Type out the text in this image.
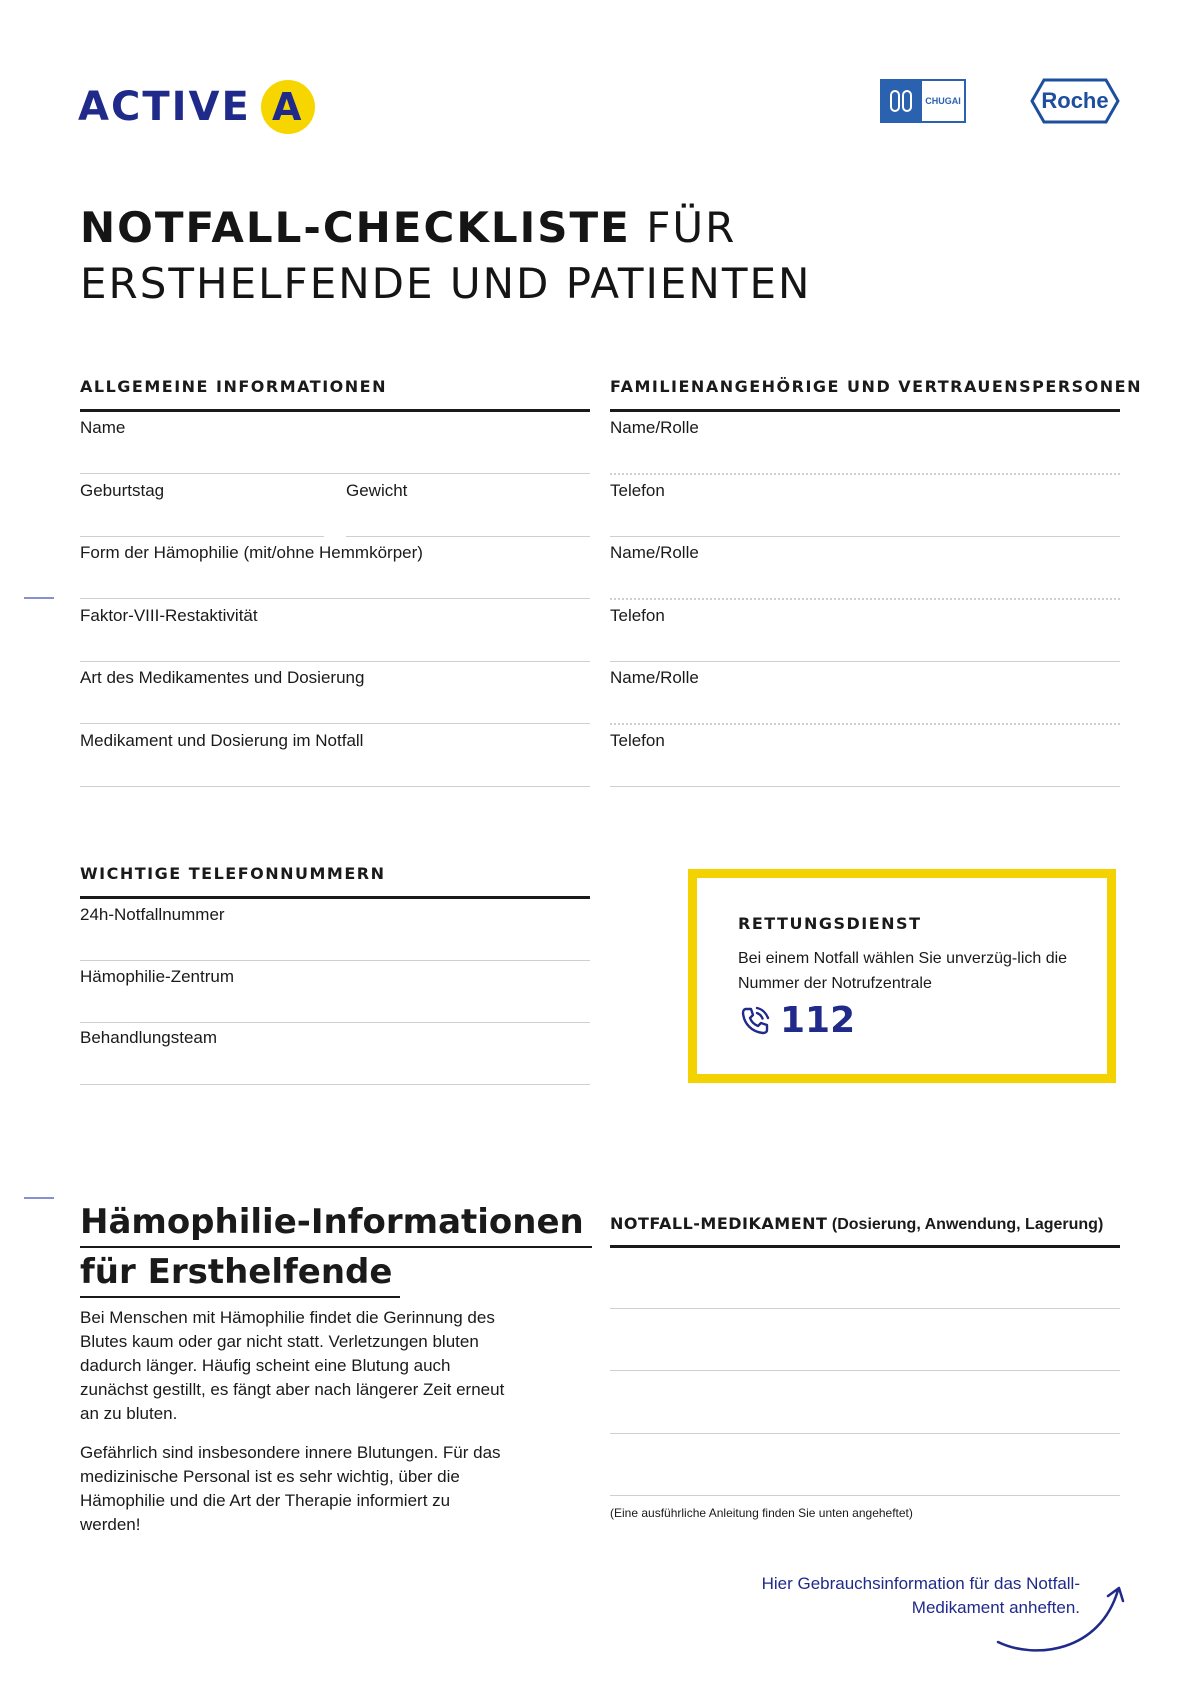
ACTIVE A	CHUGAI	Roche
NOTFALL-CHECKLISTE FÜR
ERSTHELFENDE UND PATIENTEN
ALLGEMEINE INFORMATIONEN
Name
Geburtstag	Gewicht
Form der Hämophilie (mit/ohne Hemmkörper)
Faktor-VIII-Restaktivität
Art des Medikamentes und Dosierung
Medikament und Dosierung im Notfall
FAMILIENANGEHÖRIGE UND VERTRAUENSPERSONEN
Name/Rolle
Telefon
Name/Rolle
Telefon
Name/Rolle
Telefon
WICHTIGE TELEFONNUMMERN
24h-Notfallnummer
Hämophilie-Zentrum
Behandlungsteam
RETTUNGSDIENST
Bei einem Notfall wählen Sie unverzüg-lich die Nummer der Notrufzentrale
112
Hämophilie-Informationen
für Ersthelfende

Bei Menschen mit Hämophilie findet die Gerinnung des Blutes kaum oder gar nicht statt. Verletzungen bluten dadurch länger. Häufig scheint eine Blutung auch zunächst gestillt, es fängt aber nach längerer Zeit erneut an zu bluten.

Gefährlich sind insbesondere innere Blutungen. Für das medizinische Personal ist es sehr wichtig, über die Hämophilie und die Art der Therapie informiert zu werden!

NOTFALL-MEDIKAMENT (Dosierung, Anwendung, Lagerung)
(Eine ausführliche Anleitung finden Sie unten angeheftet)
Hier Gebrauchsinformation für das Notfall-Medikament anheften.
